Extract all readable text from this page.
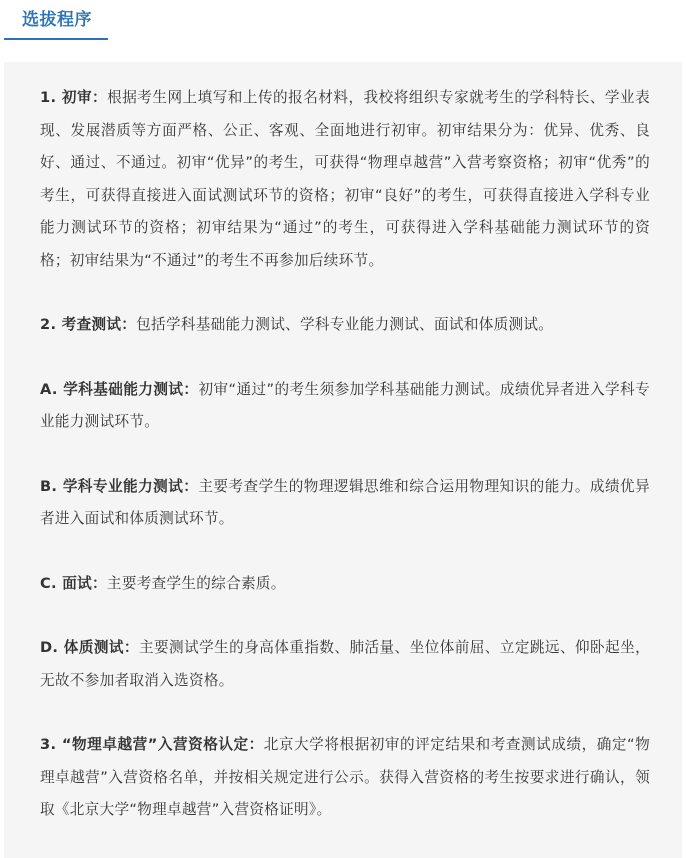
选拔程序

1. 初审：根据考生网上填写和上传的报名材料，我校将组织专家就考生的学科特长、学业表现、发展潜质等方面严格、公正、客观、全面地进行初审。初审结果分为：优异、优秀、良好、通过、不通过。初审“优异”的考生，可获得“物理卓越营”入营考察资格；初审“优秀”的考生，可获得直接进入面试测试环节的资格；初审“良好”的考生，可获得直接进入学科专业能力测试环节的资格；初审结果为“通过”的考生，可获得进入学科基础能力测试环节的资格；初审结果为“不通过”的考生不再参加后续环节。

2. 考查测试：包括学科基础能力测试、学科专业能力测试、面试和体质测试。

A. 学科基础能力测试：初审“通过”的考生须参加学科基础能力测试。成绩优异者进入学科专业能力测试环节。

B. 学科专业能力测试：主要考查学生的物理逻辑思维和综合运用物理知识的能力。成绩优异者进入面试和体质测试环节。

C. 面试：主要考查学生的综合素质。

D. 体质测试：主要测试学生的身高体重指数、肺活量、坐位体前屈、立定跳远、仰卧起坐，无故不参加者取消入选资格。

3. “物理卓越营”入营资格认定：北京大学将根据初审的评定结果和考查测试成绩，确定“物理卓越营”入营资格名单，并按相关规定进行公示。获得入营资格的考生按要求进行确认，领取《北京大学“物理卓越营”入营资格证明》。
